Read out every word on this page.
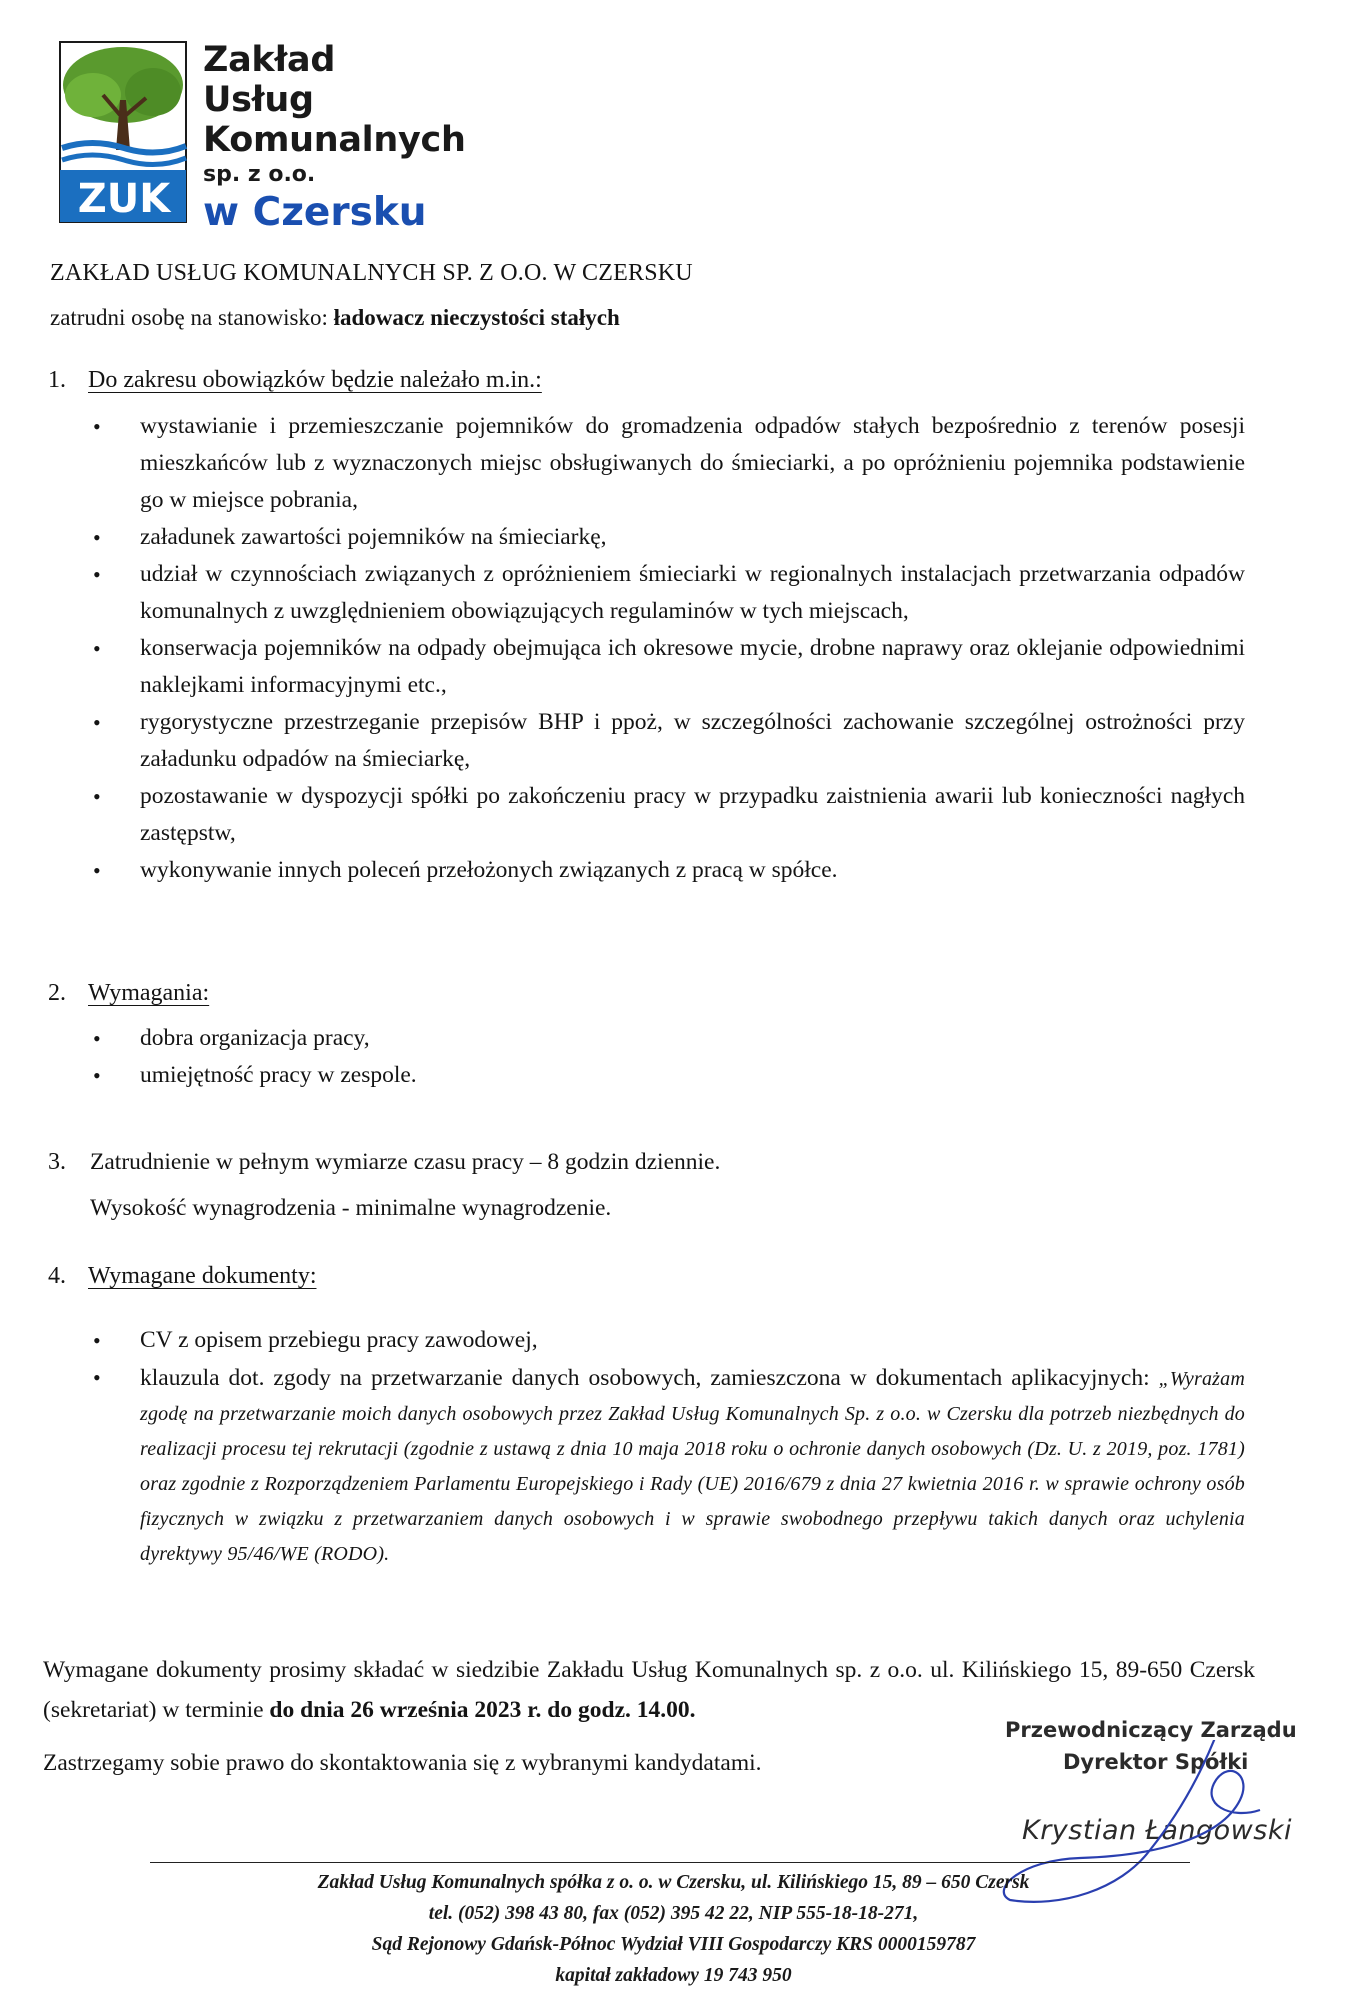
ZUK
Zakład
Usług
Komunalnych
sp. z o.o.
w Czersku
ZAKŁAD USŁUG KOMUNALNYCH SP. Z O.O. W CZERSKU
zatrudni osobę na stanowisko: ładowacz nieczystości stałych
1. Do zakresu obowiązków będzie należało m.in.:
• wystawianie i przemieszczanie pojemników do gromadzenia odpadów stałych bezpośrednio z terenów posesji mieszkańców lub z wyznaczonych miejsc obsługiwanych do śmieciarki, a po opróżnieniu pojemnika podstawienie go w miejsce pobrania,
• załadunek zawartości pojemników na śmieciarkę,
• udział w czynnościach związanych z opróżnieniem śmieciarki w regionalnych instalacjach przetwarzania odpadów komunalnych z uwzględnieniem obowiązujących regulaminów w tych miejscach,
• konserwacja pojemników na odpady obejmująca ich okresowe mycie, drobne naprawy oraz oklejanie odpowiednimi naklejkami informacyjnymi etc.,
• rygorystyczne przestrzeganie przepisów BHP i ppoż, w szczególności zachowanie szczególnej ostrożności przy załadunku odpadów na śmieciarkę,
• pozostawanie w dyspozycji spółki po zakończeniu pracy w przypadku zaistnienia awarii lub konieczności nagłych zastępstw,
• wykonywanie innych poleceń przełożonych związanych z pracą w spółce.
2. Wymagania:
• dobra organizacja pracy,
• umiejętność pracy w zespole.
3.	Zatrudnienie w pełnym wymiarze czasu pracy – 8 godzin dziennie.
Wysokość wynagrodzenia - minimalne wynagrodzenie.
4. Wymagane dokumenty:
• CV z opisem przebiegu pracy zawodowej,
• klauzula dot. zgody na przetwarzanie danych osobowych, zamieszczona w dokumentach aplikacyjnych: „Wyrażam zgodę na przetwarzanie moich danych osobowych przez Zakład Usług Komunalnych Sp. z o.o. w Czersku dla potrzeb niezbędnych do realizacji procesu tej rekrutacji (zgodnie z ustawą z dnia 10 maja 2018 roku o ochronie danych osobowych (Dz. U. z 2019, poz. 1781) oraz zgodnie z Rozporządzeniem Parlamentu Europejskiego i Rady (UE) 2016/679 z dnia 27 kwietnia 2016 r. w sprawie ochrony osób fizycznych w związku z przetwarzaniem danych osobowych i w sprawie swobodnego przepływu takich danych oraz uchylenia dyrektywy 95/46/WE (RODO).
Wymagane dokumenty prosimy składać w siedzibie Zakładu Usług Komunalnych sp. z o.o. ul. Kilińskiego 15, 89-650 Czersk (sekretariat) w terminie do dnia 26 września 2023 r. do godz. 14.00.
Zastrzegamy sobie prawo do skontaktowania się z wybranymi kandydatami.
Przewodniczący Zarządu
Dyrektor Spółki
Krystian Łangowski
Zakład Usług Komunalnych spółka z o. o. w Czersku, ul. Kilińskiego 15, 89 – 650 Czersk
tel. (052) 398 43 80, fax (052) 395 42 22, NIP 555-18-18-271,
Sąd Rejonowy Gdańsk-Północ Wydział VIII Gospodarczy KRS 0000159787
kapitał zakładowy 19 743 950
